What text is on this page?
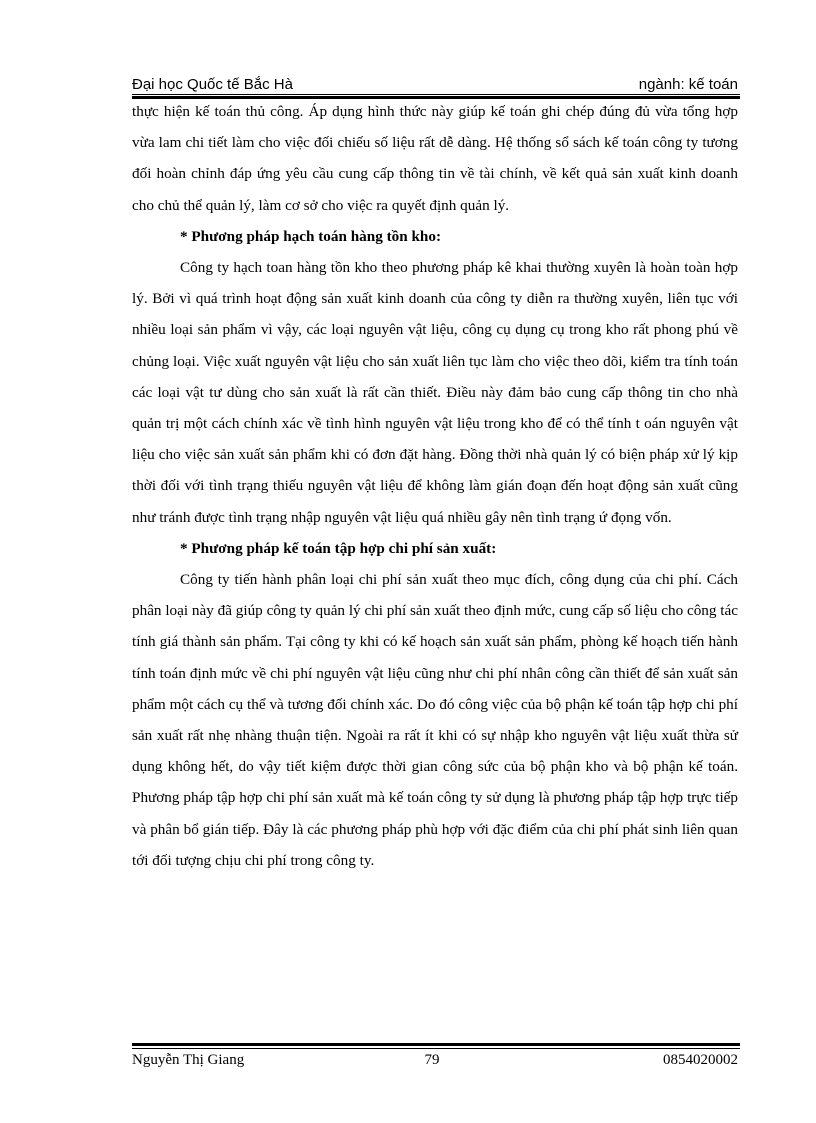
Đại học Quốc tế Bắc Hà	ngành: kế toán

thực hiện kế toán thủ công. Áp dụng hình thức này giúp kế toán ghi chép đúng đủ vừa tổng hợp vừa lam chi tiết làm cho việc đối chiếu số liệu rất dễ dàng. Hệ thống sổ sách kế toán công ty tương đối hoàn chỉnh đáp ứng yêu cầu cung cấp thông tin về tài chính, về kết quả sản xuất kinh doanh cho chủ thể quản lý, làm cơ sở cho việc ra quyết định quản lý.

* Phương pháp hạch toán hàng tồn kho:

Công ty hạch toan hàng tồn kho theo phương pháp kê khai thường xuyên là hoàn toàn hợp lý. Bởi vì quá trình hoạt động sản xuất kinh doanh của công ty diễn ra thường xuyên, liên tục với nhiều loại sản phẩm vì vậy, các loại nguyên vật liệu, công cụ dụng cụ trong kho rất phong phú về chủng loại. Việc xuất nguyên vật liệu cho sản xuất liên tục làm cho việc theo dõi, kiểm tra tính toán các loại vật tư dùng cho sản xuất là rất cần thiết. Điều này đảm bảo cung cấp thông tin cho nhà quản trị một cách chính xác về tình hình nguyên vật liệu trong kho để có thể tính t oán nguyên vật liệu cho việc sản xuất sản phẩm khi có đơn đặt hàng. Đồng thời nhà quản lý có biện pháp xử lý kịp thời đối với tình trạng thiếu nguyên vật liệu để không làm gián đoạn đến hoạt động sản xuất cũng như tránh được tình trạng nhập nguyên vật liệu quá nhiều gây nên tình trạng ứ đọng vốn.

* Phương pháp kế toán tập hợp chi phí sản xuất:

Công ty tiến hành phân loại chi phí sản xuất theo mục đích, công dụng của chi phí. Cách phân loại này đã giúp công ty quản lý chi phí sản xuất theo định mức, cung cấp số liệu cho công tác tính giá thành sản phẩm. Tại công ty khi có kế hoạch sản xuất sản phẩm, phòng kế hoạch tiến hành tính toán định mức về chi phí nguyên vật liệu cũng như chi phí nhân công cần thiết để sản xuất sản phẩm một cách cụ thể và tương đối chính xác. Do đó công việc của bộ phận kế toán tập hợp chi phí sản xuất rất nhẹ nhàng thuận tiện. Ngoài ra rất ít khi có sự nhập kho nguyên vật liệu xuất thừa sử dụng không hết, do vậy tiết kiệm được thời gian công sức của bộ phận kho và bộ phận kế toán. Phương pháp tập hợp chi phí sản xuất mà kế toán công ty sử dụng là phương pháp tập hợp trực tiếp và phân bổ gián tiếp. Đây là các phương pháp phù hợp với đặc điểm của chi phí phát sinh liên quan tới đối tượng chịu chi phí trong công ty.

Nguyễn Thị Giang	79	0854020002
